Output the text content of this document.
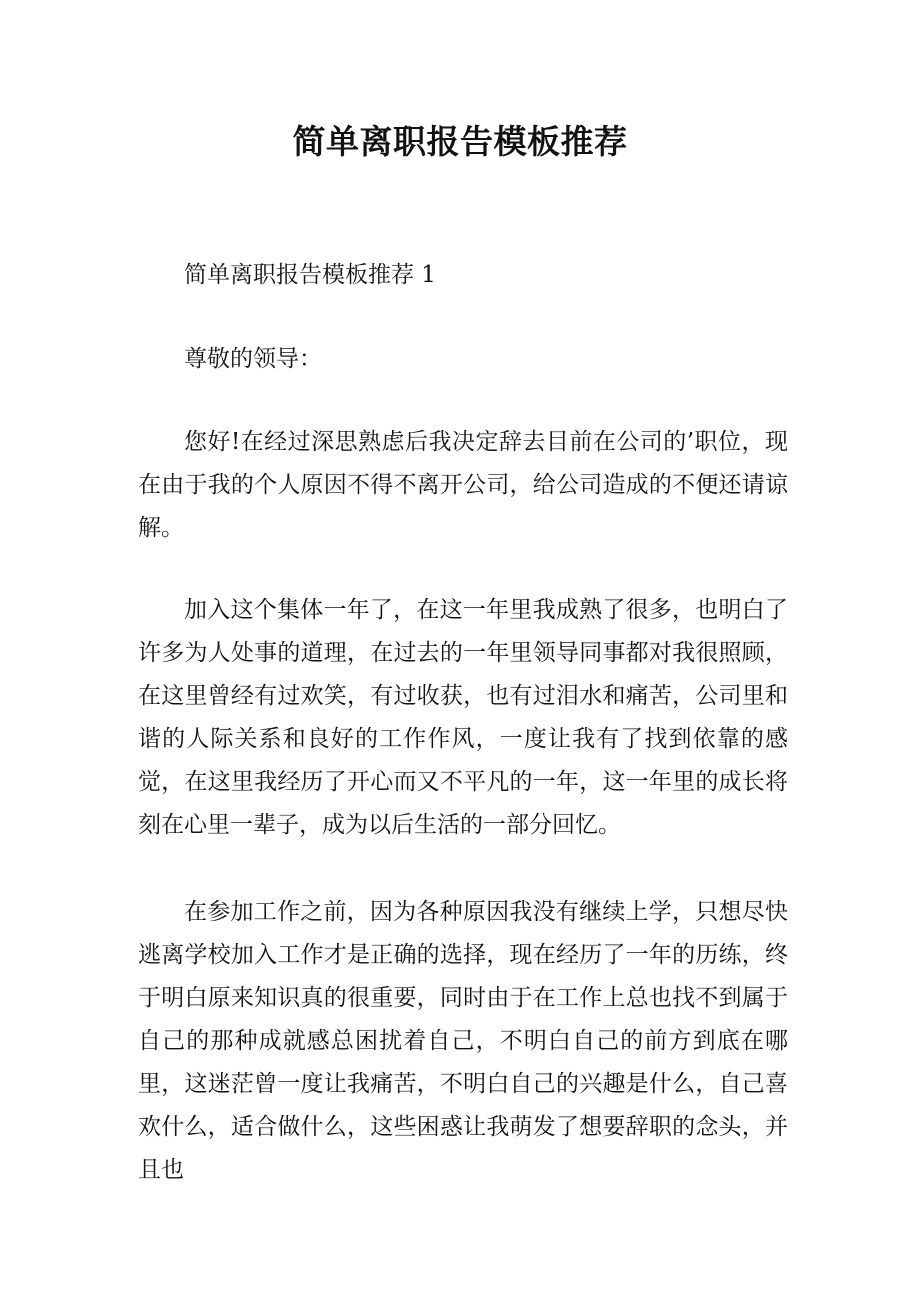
简单离职报告模板推荐

简单离职报告模板推荐 1

尊敬的领导：

您好!在经过深思熟虑后我决定辞去目前在公司的’职位，现在由于我的个人原因不得不离开公司，给公司造成的不便还请谅解。

加入这个集体一年了，在这一年里我成熟了很多，也明白了许多为人处事的道理，在过去的一年里领导同事都对我很照顾，在这里曾经有过欢笑，有过收获，也有过泪水和痛苦，公司里和谐的人际关系和良好的工作作风，一度让我有了找到依靠的感觉，在这里我经历了开心而又不平凡的一年，这一年里的成长将刻在心里一辈子，成为以后生活的一部分回忆。

在参加工作之前，因为各种原因我没有继续上学，只想尽快逃离学校加入工作才是正确的选择，现在经历了一年的历练，终于明白原来知识真的很重要，同时由于在工作上总也找不到属于自己的那种成就感总困扰着自己，不明白自己的前方到底在哪里，这迷茫曾一度让我痛苦，不明白自己的兴趣是什么，自己喜欢什么，适合做什么，这些困惑让我萌发了想要辞职的念头，并且也
